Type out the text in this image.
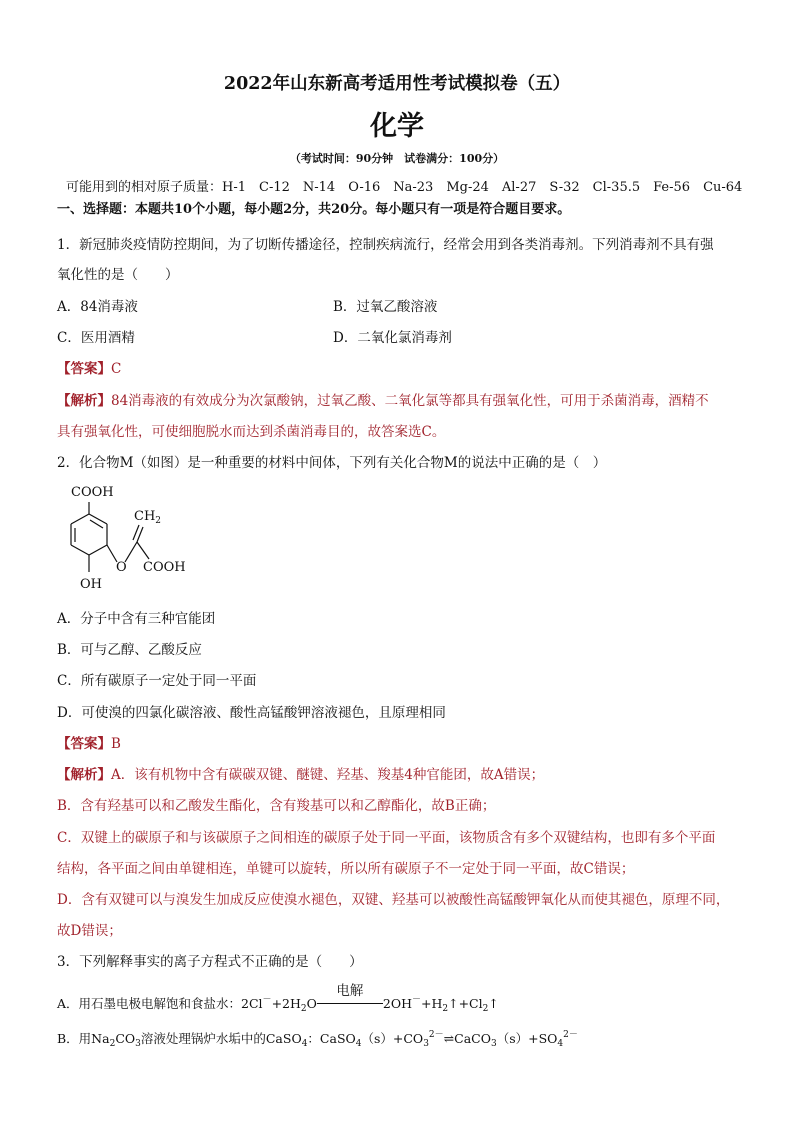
2022年山东新高考适用性考试模拟卷（五）
化学
（考试时间：90分钟　试卷满分：100分）
可能用到的相对原子质量：H-1　C-12　N-14　O-16　Na-23　Mg-24　Al-27　S-32　Cl-35.5　Fe-56　Cu-64
一、选择题：本题共10个小题，每小题2分，共20分。每小题只有一项是符合题目要求。
1．新冠肺炎疫情防控期间，为了切断传播途径，控制疾病流行，经常会用到各类消毒剂。下列消毒剂不具有强
氧化性的是（　　）
A．84消毒液	B．过氧乙酸溶液
C．医用酒精	D．二氧化氯消毒剂
【答案】C
【解析】84消毒液的有效成分为次氯酸钠，过氧乙酸、二氧化氯等都具有强氧化性，可用于杀菌消毒，酒精不
具有强氧化性，可使细胞脱水而达到杀菌消毒目的，故答案选C。
2．化合物M（如图）是一种重要的材料中间体，下列有关化合物M的说法中正确的是（　）
COOH
$CH_2$
O COOH
OH
A．分子中含有三种官能团
B．可与乙醇、乙酸反应
C．所有碳原子一定处于同一平面
D．可使溴的四氯化碳溶液、酸性高锰酸钾溶液褪色，且原理相同
【答案】B
【解析】A．该有机物中含有碳碳双键、醚键、羟基、羧基4种官能团，故A错误；
B．含有羟基可以和乙酸发生酯化，含有羧基可以和乙醇酯化，故B正确；
C．双键上的碳原子和与该碳原子之间相连的碳原子处于同一平面，该物质含有多个双键结构，也即有多个平面
结构，各平面之间由单键相连，单键可以旋转，所以所有碳原子不一定处于同一平面，故C错误；
D．含有双键可以与溴发生加成反应使溴水褪色，双键、羟基可以被酸性高锰酸钾氧化从而使其褪色，原理不同，
故D错误；
3．下列解释事实的离子方程式不正确的是（　　）
A．用石墨电极电解饱和食盐水：$2Cl^-+2H_2O$
电解
$2OH^-+H_2↑+Cl_2↑$
B．用$Na_2CO_3$溶液处理锅炉水垢中的CaSO$_4$：$CaSO_4(s)+CO_3^{2-}\rightleftharpoons CaCO_3(s)+SO_4^{2-}$
